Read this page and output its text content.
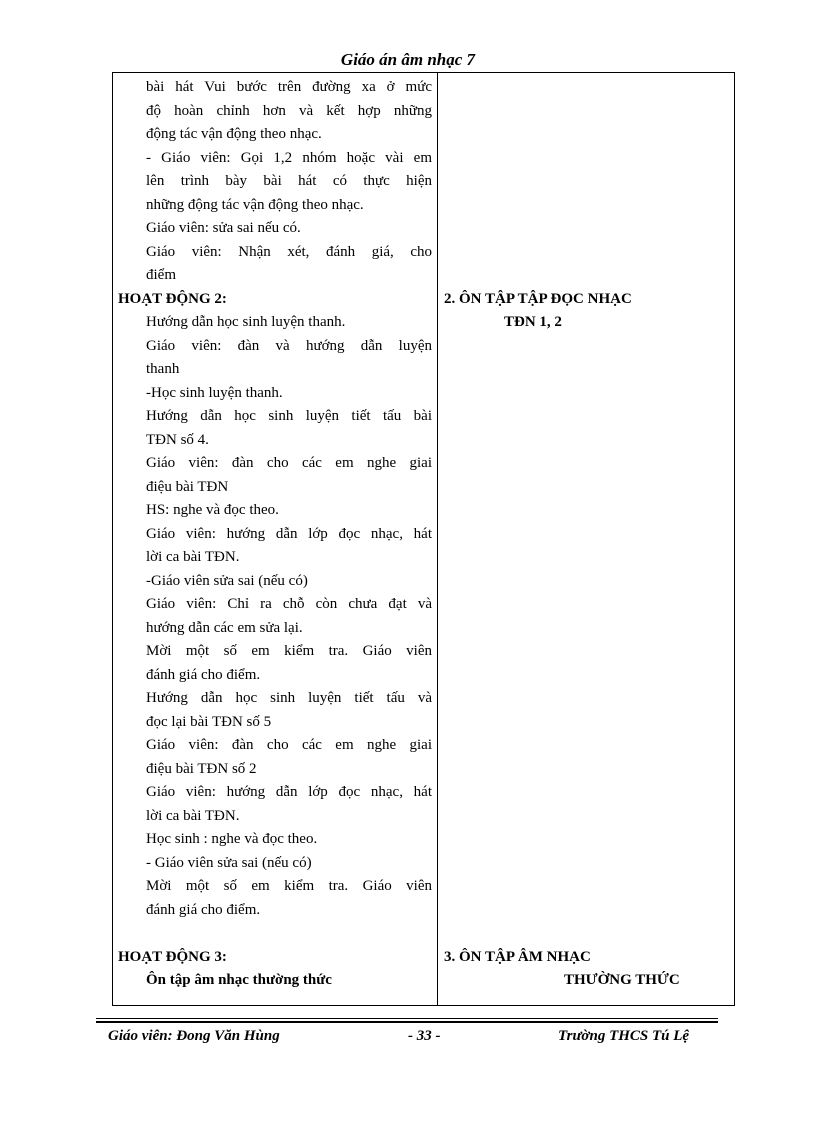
Giáo án âm nhạc 7
bài hát Vui bước trên đường xa ở mức
độ hoàn chỉnh hơn và kết hợp những
động tác vận động theo nhạc.
- Giáo viên: Gọi 1,2 nhóm hoặc vài em
lên trình bày bài hát có thực hiện
những động tác vận động theo nhạc.
Giáo viên: sửa sai nếu có.
Giáo viên: Nhận xét, đánh giá, cho
điểm
HOẠT ĐỘNG 2:
Hướng dẫn học sinh luyện thanh.
Giáo viên: đàn và hướng dẫn luyện
thanh
-Học sinh luyện thanh.
Hướng dẫn học sinh luyện tiết tấu bài
TĐN số 4.
Giáo viên: đàn cho các em nghe giai
điệu bài TĐN
HS: nghe và đọc theo.
Giáo viên: hướng dẫn lớp đọc nhạc, hát
lời ca bài TĐN.
-Giáo viên sửa sai (nếu có)
Giáo viên: Chỉ ra chỗ còn chưa đạt và
hướng dẫn các em sửa lại.
Mời một số em kiểm tra. Giáo viên
đánh giá cho điểm.
Hướng dẫn học sinh luyện tiết tấu và
đọc lại bài TĐN số 5
Giáo viên: đàn cho các em nghe giai
điệu bài TĐN số 2
Giáo viên: hướng dẫn lớp đọc nhạc, hát
lời ca bài TĐN.
Học sinh : nghe và đọc theo.
- Giáo viên sửa sai (nếu có)
Mời một số em kiểm tra. Giáo viên
đánh giá cho điểm.
HOẠT ĐỘNG 3:
Ôn tập âm nhạc thường thức
2. ÔN TẬP TẬP ĐỌC NHẠC
TĐN 1, 2
3. ÔN TẬP ÂM NHẠC
THƯỜNG THỨC
Giáo viên: Đong Văn Hùng	- 33 -	Trường THCS Tú Lệ
